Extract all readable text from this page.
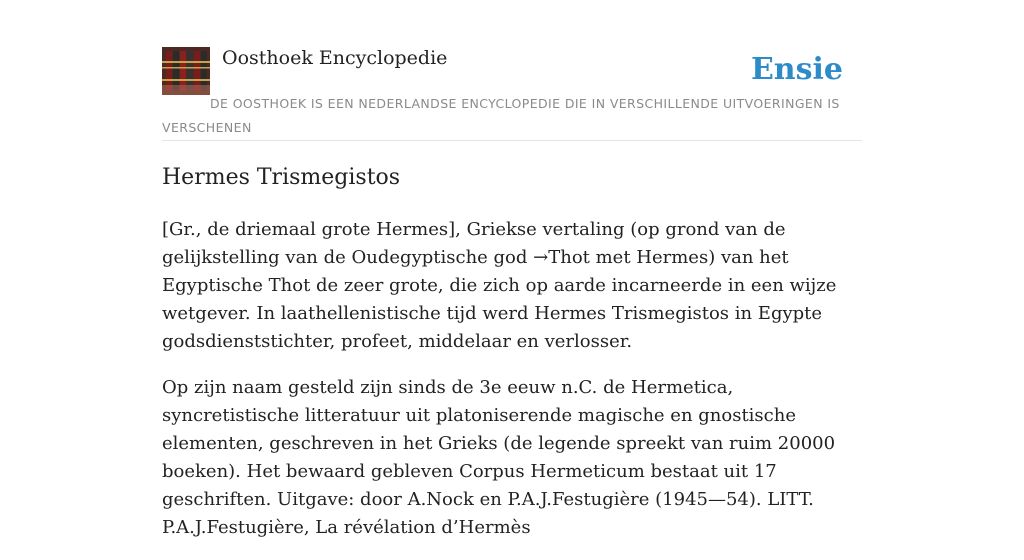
Oosthoek Encyclopedie	Ensie
DE OOSTHOEK IS EEN NEDERLANDSE ENCYCLOPEDIE DIE IN VERSCHILLENDE UITVOERINGEN IS VERSCHENEN
Hermes Trismegistos

[Gr., de driemaal grote Hermes], Griekse vertaling (op grond van de gelijkstelling van de Oudegyptische god →Thot met Hermes) van het Egyptische Thot de zeer grote, die zich op aarde incarneerde in een wijze wetgever. In laathellenistische tijd werd Hermes Trismegistos in Egypte godsdienststichter, profeet, middelaar en verlosser.

Op zijn naam gesteld zijn sinds de 3e eeuw n.C. de Hermetica, syncretistische litteratuur uit platoniserende magische en gnostische elementen, geschreven in het Grieks (de legende spreekt van ruim 20000 boeken). Het bewaard gebleven Corpus Hermeticum bestaat uit 17 geschriften. Uitgave: door A.Nock en P.A.J.Festugière (1945—54). LITT. P.A.J.Festugière, La révélation d’Hermès
